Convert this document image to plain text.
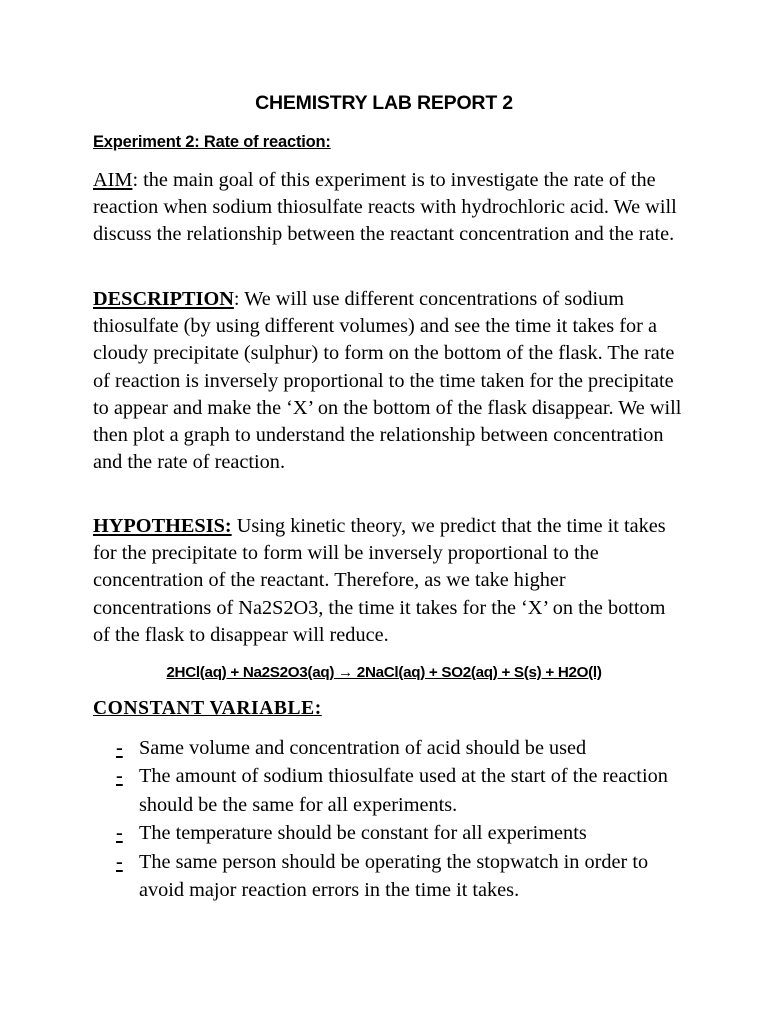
CHEMISTRY LAB REPORT 2
Experiment 2: Rate of reaction:

AIM: the main goal of this experiment is to investigate the rate of the reaction when sodium thiosulfate reacts with hydrochloric acid. We will discuss the relationship between the reactant concentration and the rate.

DESCRIPTION: We will use different concentrations of sodium thiosulfate (by using different volumes) and see the time it takes for a cloudy precipitate (sulphur) to form on the bottom of the flask. The rate of reaction is inversely proportional to the time taken for the precipitate to appear and make the ‘X’ on the bottom of the flask disappear. We will then plot a graph to understand the relationship between concentration and the rate of reaction.

HYPOTHESIS: Using kinetic theory, we predict that the time it takes for the precipitate to form will be inversely proportional to the concentration of the reactant. Therefore, as we take higher concentrations of Na2S2O3, the time it takes for the ‘X’ on the bottom of the flask to disappear will reduce.

2HCl(aq) + Na2S2O3(aq) → 2NaCl(aq) + SO2(aq) + S(s) + H2O(l)
CONSTANT VARIABLE:
- Same volume and concentration of acid should be used
- The amount of sodium thiosulfate used at the start of the reaction should be the same for all experiments.
- The temperature should be constant for all experiments
- The same person should be operating the stopwatch in order to avoid major reaction errors in the time it takes.
